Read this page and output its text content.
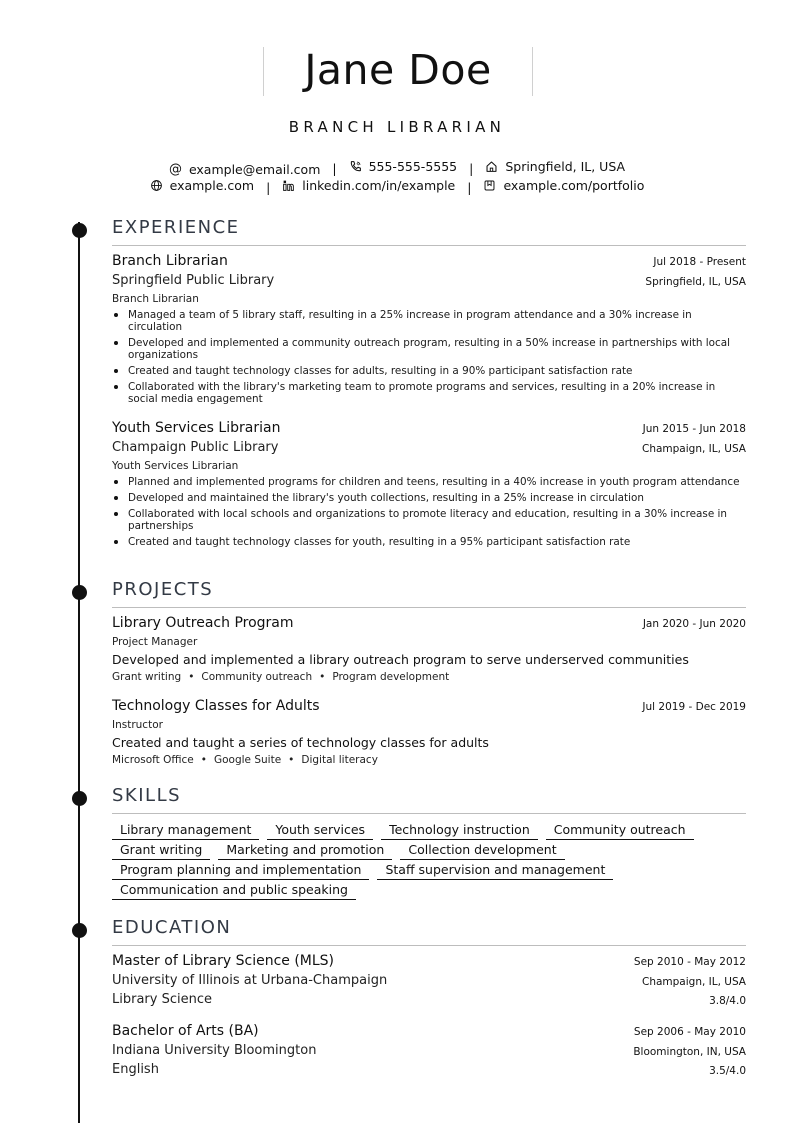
Jane Doe
BRANCH LIBRARIAN
@ example@email.com |	555-555-5555 |	Springfield, IL, USA
example.com |	linkedin.com/in/example |	example.com/portfolio
EXPERIENCE
Branch Librarian	Jul 2018 - Present
Springfield Public Library	Springfield, IL, USA
Branch Librarian
Managed a team of 5 library staff, resulting in a 25% increase in program attendance and a 30% increase in circulation
Developed and implemented a community outreach program, resulting in a 50% increase in partnerships with local organizations
Created and taught technology classes for adults, resulting in a 90% participant satisfaction rate
Collaborated with the library's marketing team to promote programs and services, resulting in a 20% increase in social media engagement
Youth Services Librarian	Jun 2015 - Jun 2018
Champaign Public Library	Champaign, IL, USA
Youth Services Librarian
Planned and implemented programs for children and teens, resulting in a 40% increase in youth program attendance
Developed and maintained the library's youth collections, resulting in a 25% increase in circulation
Collaborated with local schools and organizations to promote literacy and education, resulting in a 30% increase in partnerships
Created and taught technology classes for youth, resulting in a 95% participant satisfaction rate
PROJECTS
Library Outreach Program	Jan 2020 - Jun 2020
Project Manager
Developed and implemented a library outreach program to serve underserved communities
Grant writing • Community outreach • Program development
Technology Classes for Adults	Jul 2019 - Dec 2019
Instructor
Created and taught a series of technology classes for adults
Microsoft Office • Google Suite • Digital literacy
SKILLS
Library management	Youth services	Technology instruction	Community outreach
Grant writing	Marketing and promotion	Collection development
Program planning and implementation	Staff supervision and management
Communication and public speaking
EDUCATION
Master of Library Science (MLS)	Sep 2010 - May 2012
University of Illinois at Urbana-Champaign	Champaign, IL, USA
Library Science	3.8/4.0
Bachelor of Arts (BA)	Sep 2006 - May 2010
Indiana University Bloomington	Bloomington, IN, USA
English	3.5/4.0
